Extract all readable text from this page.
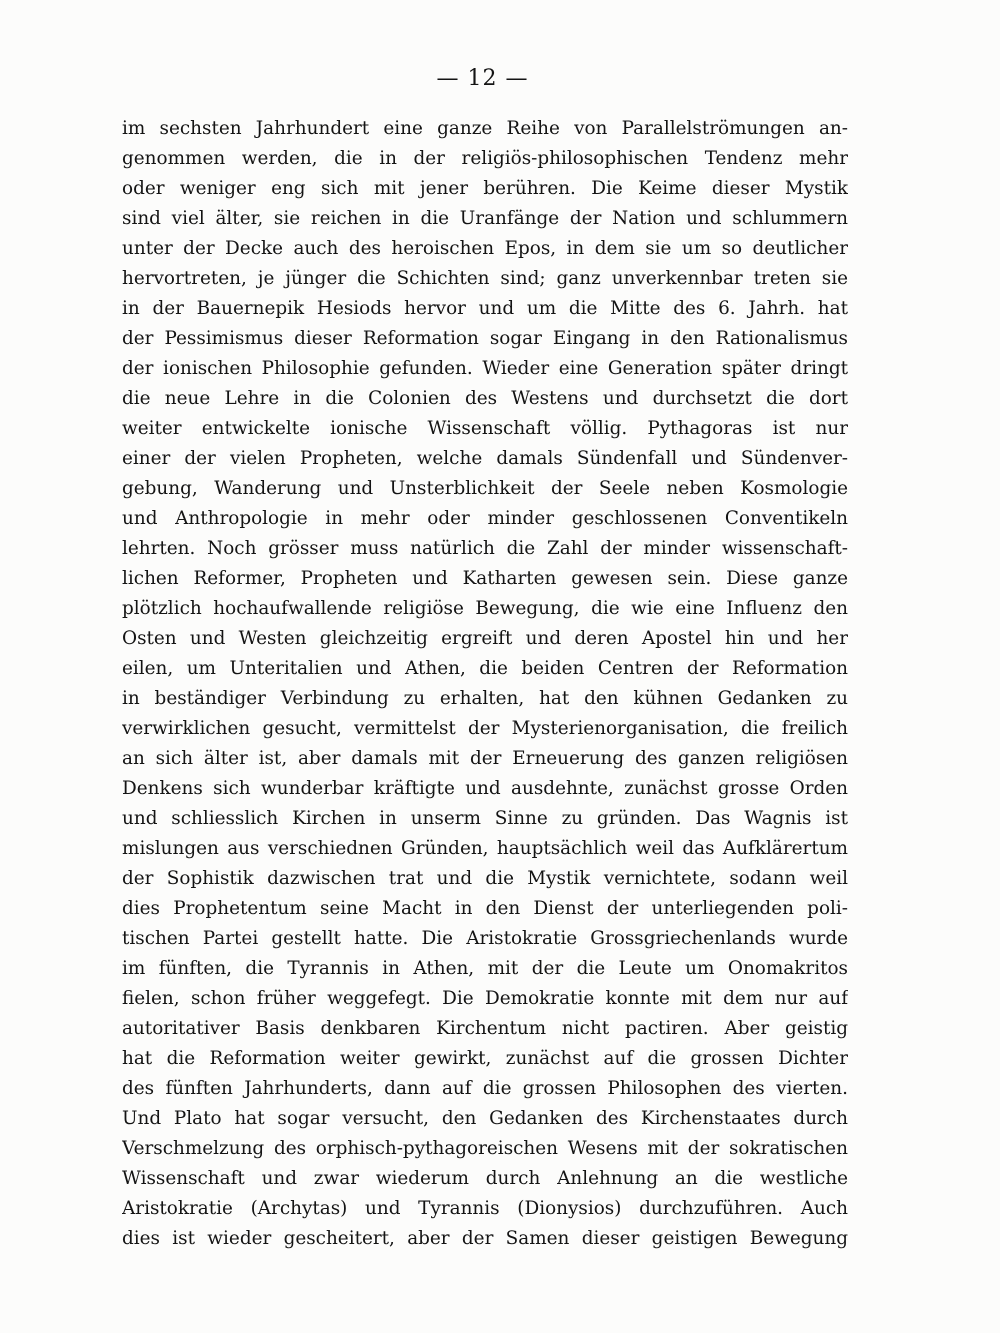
— 12 —
im sechsten Jahrhundert eine ganze Reihe von Parallelströmungen an-
genommen werden, die in der religiös-philosophischen Tendenz mehr
oder weniger eng sich mit jener berühren. Die Keime dieser Mystik
sind viel älter, sie reichen in die Uranfänge der Nation und schlummern
unter der Decke auch des heroischen Epos, in dem sie um so deutlicher
hervortreten, je jünger die Schichten sind; ganz unverkennbar treten sie
in der Bauernepik Hesiods hervor und um die Mitte des 6. Jahrh. hat
der Pessimismus dieser Reformation sogar Eingang in den Rationalismus
der ionischen Philosophie gefunden. Wieder eine Generation später dringt
die neue Lehre in die Colonien des Westens und durchsetzt die dort
weiter entwickelte ionische Wissenschaft völlig. Pythagoras ist nur
einer der vielen Propheten, welche damals Sündenfall und Sündenver-
gebung, Wanderung und Unsterblichkeit der Seele neben Kosmologie
und Anthropologie in mehr oder minder geschlossenen Conventikeln
lehrten. Noch grösser muss natürlich die Zahl der minder wissenschaft-
lichen Reformer, Propheten und Katharten gewesen sein. Diese ganze
plötzlich hochaufwallende religiöse Bewegung, die wie eine Influenz den
Osten und Westen gleichzeitig ergreift und deren Apostel hin und her
eilen, um Unteritalien und Athen, die beiden Centren der Reformation
in beständiger Verbindung zu erhalten, hat den kühnen Gedanken zu
verwirklichen gesucht, vermittelst der Mysterienorganisation, die freilich
an sich älter ist, aber damals mit der Erneuerung des ganzen religiösen
Denkens sich wunderbar kräftigte und ausdehnte, zunächst grosse Orden
und schliesslich Kirchen in unserm Sinne zu gründen. Das Wagnis ist
mislungen aus verschiednen Gründen, hauptsächlich weil das Aufklärertum
der Sophistik dazwischen trat und die Mystik vernichtete, sodann weil
dies Prophetentum seine Macht in den Dienst der unterliegenden poli-
tischen Partei gestellt hatte. Die Aristokratie Grossgriechenlands wurde
im fünften, die Tyrannis in Athen, mit der die Leute um Onomakritos
fielen, schon früher weggefegt. Die Demokratie konnte mit dem nur auf
autoritativer Basis denkbaren Kirchentum nicht pactiren. Aber geistig
hat die Reformation weiter gewirkt, zunächst auf die grossen Dichter
des fünften Jahrhunderts, dann auf die grossen Philosophen des vierten.
Und Plato hat sogar versucht, den Gedanken des Kirchenstaates durch
Verschmelzung des orphisch-pythagoreischen Wesens mit der sokratischen
Wissenschaft und zwar wiederum durch Anlehnung an die westliche
Aristokratie (Archytas) und Tyrannis (Dionysios) durchzuführen. Auch
dies ist wieder gescheitert, aber der Samen dieser geistigen Bewegung
